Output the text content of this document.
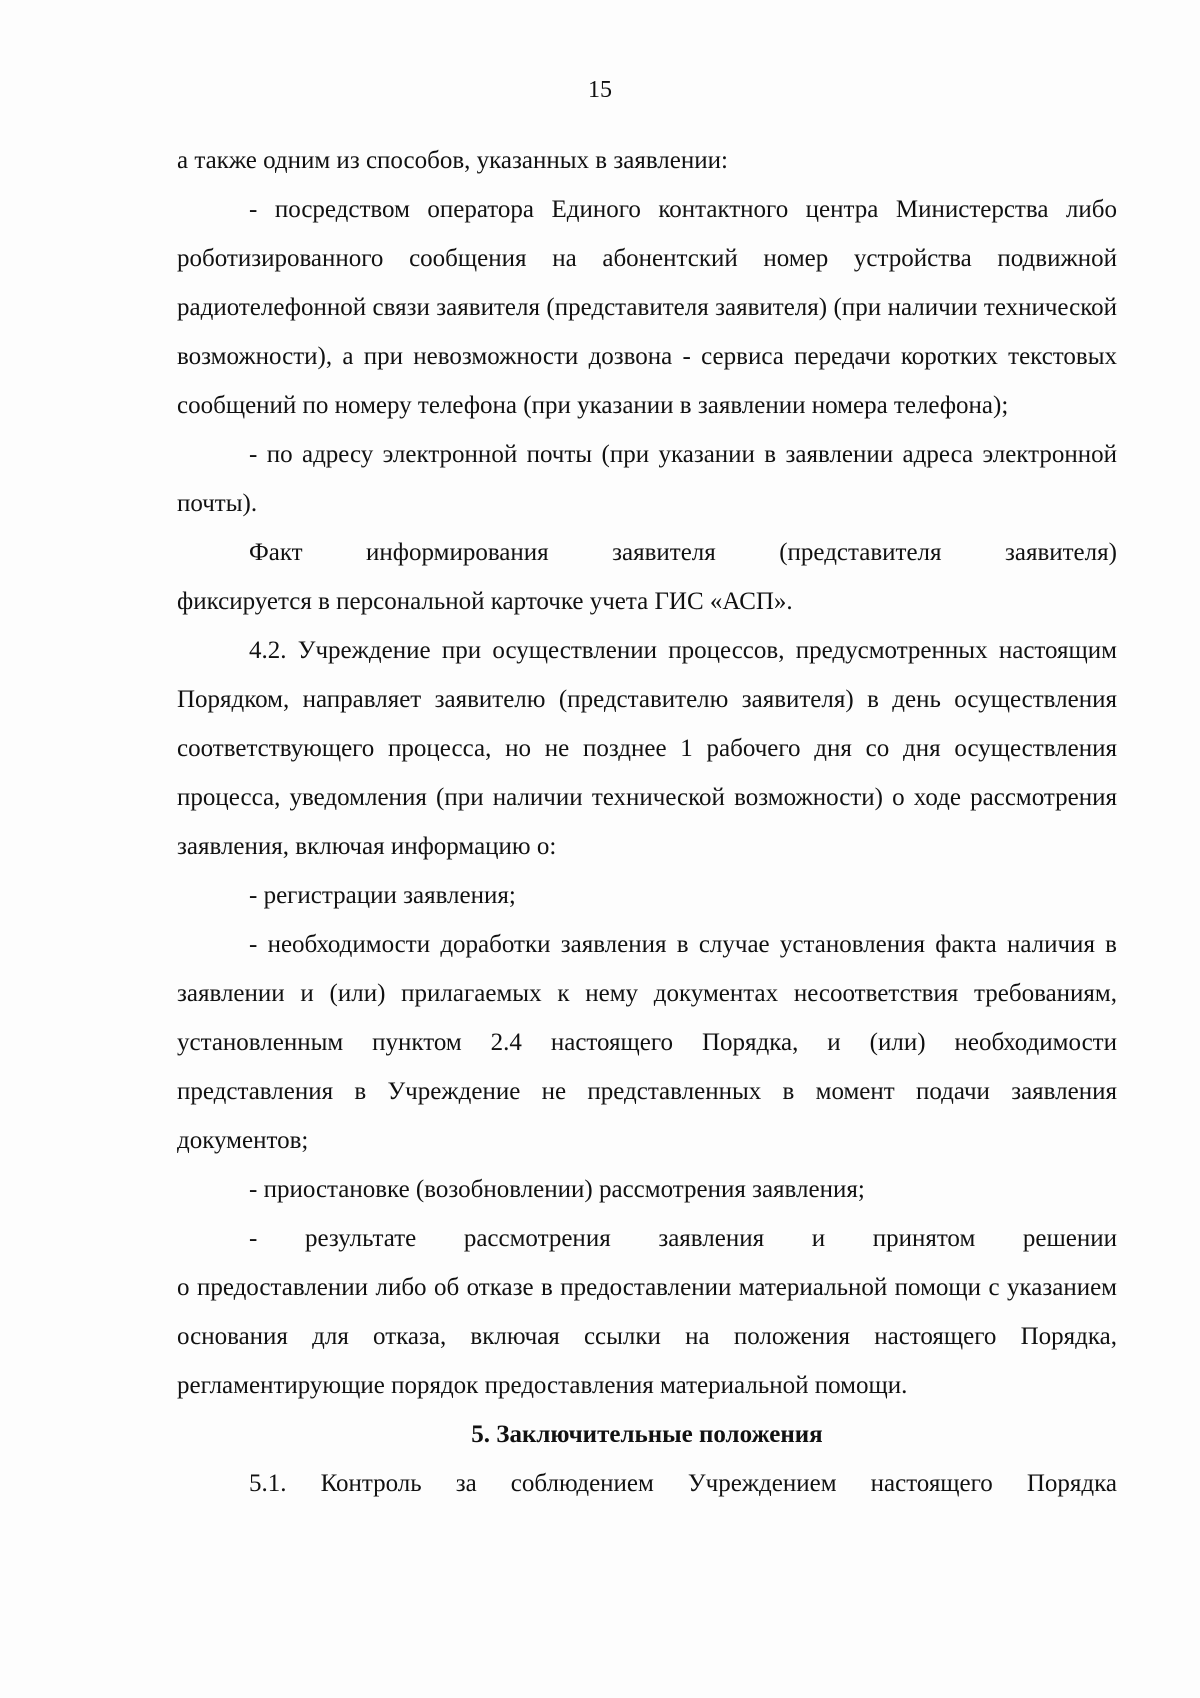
15

а также одним из способов, указанных в заявлении:

- посредством оператора Единого контактного центра Министерства либо роботизированного сообщения на абонентский номер устройства подвижной радиотелефонной связи заявителя (представителя заявителя) (при наличии технической возможности), а при невозможности дозвона - сервиса передачи коротких текстовых сообщений по номеру телефона (при указании в заявлении номера телефона);

- по адресу электронной почты (при указании в заявлении адреса электронной почты).

Факт	информирования	заявителя	(представителя	заявителя)

фиксируется в персональной карточке учета ГИС «АСП».

4.2. Учреждение при осуществлении процессов, предусмотренных настоящим Порядком, направляет заявителю (представителю заявителя) в день осуществления соответствующего процесса, но не позднее 1 рабочего дня со дня осуществления процесса, уведомления (при наличии технической возможности) о ходе рассмотрения заявления, включая информацию о:

- регистрации заявления;

- необходимости доработки заявления в случае установления факта наличия в заявлении и (или) прилагаемых к нему документах несоответствия требованиям, установленным пунктом 2.4 настоящего Порядка, и (или) необходимости представления в Учреждение не представленных в момент подачи заявления документов;

- приостановке (возобновлении) рассмотрения заявления;

- результате рассмотрения заявления и принятом решении

о предоставлении либо об отказе в предоставлении материальной помощи с указанием основания для отказа, включая ссылки на положения настоящего Порядка, регламентирующие порядок предоставления материальной помощи.

5. Заключительные положения

5.1. Контроль за соблюдением Учреждением настоящего Порядка
